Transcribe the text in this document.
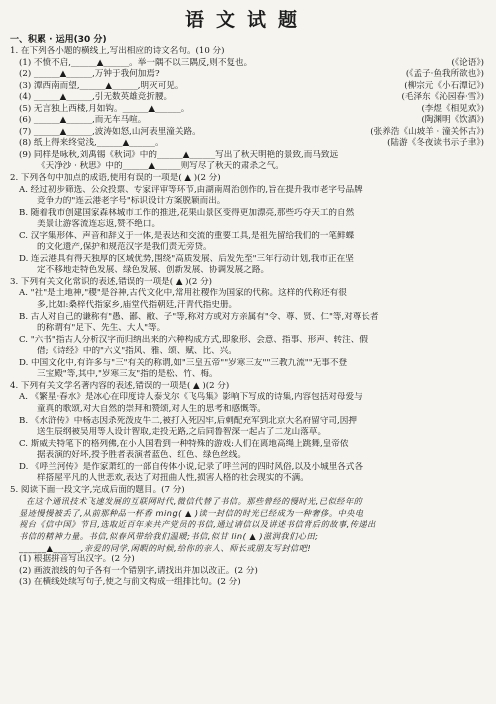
语文试题
一、积累 · 运用(30 分)
1. 在下列各小题的横线上,写出相应的诗文名句。(10 分)
(1) 不愤不启,______▲______。举一隅不以三隅反,则不复也。	(《论语》)
(2) ______▲______,万钟于我何加焉?	(《孟子·鱼我所欲也》)
(3) 潭西南而望,______▲______,明灭可见。	(柳宗元《小石潭记》)
(4) ______▲______,引无数英雄竞折腰。	(毛泽东《沁园春·雪》)
(5) 无言独上西楼,月如钩。______▲______。	(李煜《相见欢》)
(6) ______▲______,而无车马喧。	(陶渊明《饮酒》)
(7) ______▲______,波涛如怒,山河表里潼关路。	(张养浩《山坡羊 · 潼关怀古》)
(8) 纸上得来终觉浅,______▲______。	(陆游《冬夜读书示子聿》)
(9) 同样是咏秋,刘禹锡《秋词》中的______▲______写出了秋天明艳的景致,而马致远
《天净沙 · 秋思》中的______▲______则写尽了秋天的肃杀之气。
2. 下列各句中加点的成语,使用有误的一项是( ▲ )(2 分)
A. 经过初步筛选、公众投票、专家评审等环节,由湖南周治创作的,旨在提升我市老字号品牌
竞争力的"连云港老字号"标识设计方案脱颖而出。
B. 随着我市创建国家森林城市工作的推进,花果山景区变得更加漂亮,那些巧夺天工的自然
美景让游客流连忘返,赞不绝口。
C. 汉字集形体、声音和辞义于一体,是表达和交流的重要工具,是祖先留给我们的一笔鲜蝶
的文化遗产,保护和规范汉字是我们责无旁贷。
D. 连云港具有得天独厚的区域优势,围绕"高质发展、后发先至"三年行动计划,我市正在坚
定不移地走特色发展、绿色发展、创新发展、协调发展之路。
3. 下列有关文化常识的表述,错误的一项是( ▲ )(2 分)
A. "社"是土地神,"稷"是谷神,古代文化中,常用社稷作为国家的代称。这样的代称还有很
多,比如:桑梓代指家乡,庙堂代指朝廷,汗青代指史册。
B. 古人对自己的谦称有"愚、鄙、敝、子"等,称对方或对方亲属有"令、尊、贤、仁"等,对尊长者
的称谓有"足下、先生、大人"等。
C. "六书"指古人分析汉字而归纳出来的六种构成方式,即象形、会意、指事、形声、转注、假
借;《诗经》中的"六义"指风、雅、颂、赋、比、兴。
D. 中国文化中,有许多与"三"有关的称谓,如"三皇五帝""岁寒三友""三教九流""无事不登
三宝殿"等,其中,"岁寒三友"指的是松、竹、梅。
4. 下列有关文学名著内容的表述,错误的一项是( ▲ )(2 分)
A. 《繁星·春水》是冰心在印度诗人泰戈尔《飞鸟集》影响下写成的诗集,内容包括对母爱与
童真的歌颂,对大自然的崇拜和赞颂,对人生的思考和感慨等。
B. 《水浒传》中杨志因杀死泼皮牛二,被打入死囚牢,后刺配充军到北京大名府留守司,因押
送生辰纲被吴用等人设计智取,走投无路,之后同鲁智深一起占了二龙山落草。
C. 斯威夫特笔下的格列佛,在小人国看到一种特殊的游戏:人们在离地高绳上跳舞,皇帝依
据表演的好坏,授予胜者表演者蓝色、红色、绿色丝线。
D. 《呼兰河传》是作家萧红的一部自传体小说,记录了呼兰河的四时风俗,以及小城里各式各
样搭屋平凡的人世悲欢,表达了对扭曲人性,损害人格的社会现实的不满。
5. 阅读下面一段文字,完成后面的题目。(7 分)
在这个通讯技术飞速发展的互联网时代,微信代替了书信。那些曾经的慢时光,已似经年的
显迹慢慢被丢了,从前那种品一杯香 ming( ▲ )读一封信的时光已经成为一种奢侈。中央电
视台《信中国》节目,选取近百年来共产党员的书信,通过请信以及讲述书信背后的故事,传递出
书信的精神力量。书信,似春风带给我们温暖;书信,似甘 lin( ▲ )滋润我们心田;
______▲______,亲爱的同学,闲暇的时候,给你的亲人、师长或朋友写封信吧!
(1) 根据拼音写出汉字。(2 分)
(2) 画波浪线的句子各有一个错别字,请找出并加以改正。(2 分)
(3) 在横线处续写句子,使之与前文构成一组排比句。(2 分)
